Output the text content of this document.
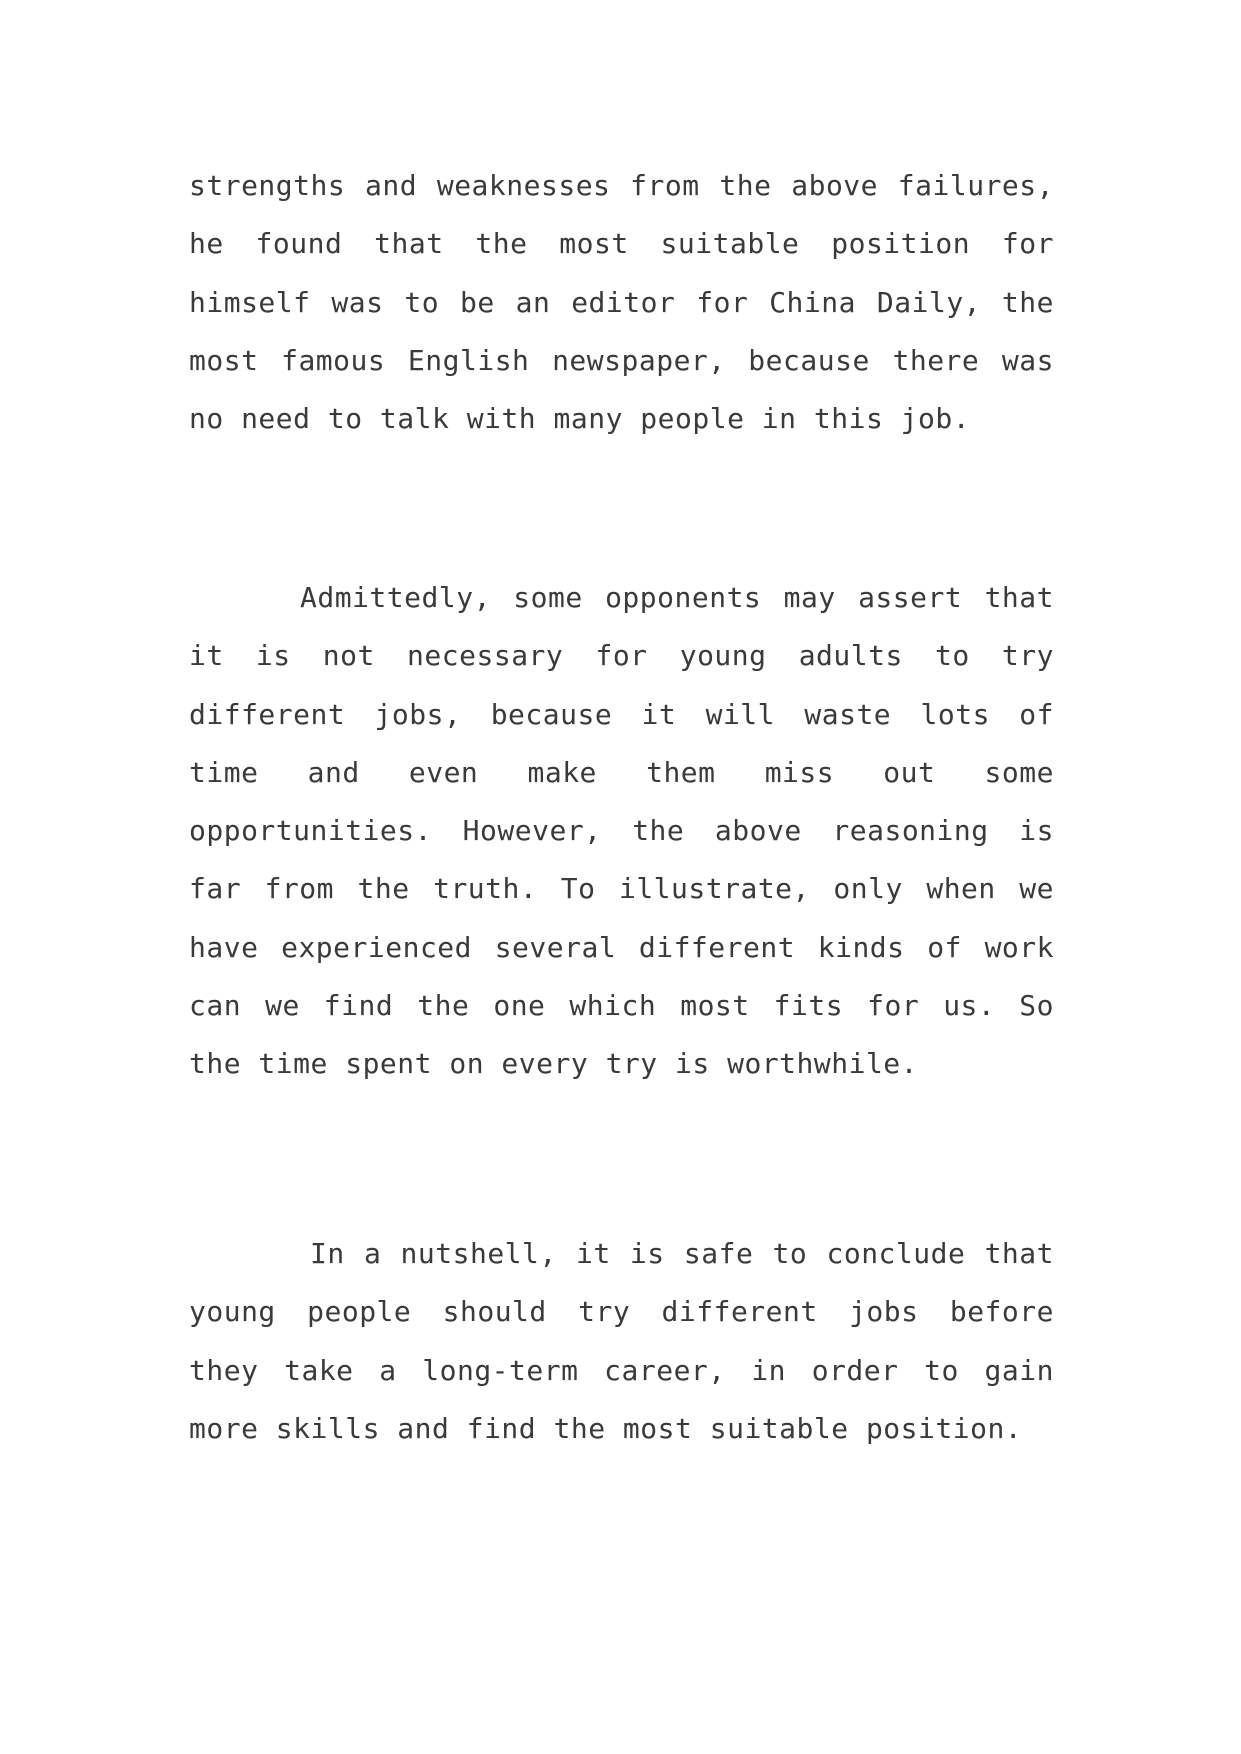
strengths and weaknesses from the above failures, he found that the most suitable position for himself was to be an editor for China Daily, the most famous English newspaper, because there was no need to talk with many people in this job.

Admittedly, some opponents may assert that it is not necessary for young adults to try different jobs, because it will waste lots of time and even make them miss out some opportunities. However, the above reasoning is far from the truth. To illustrate, only when we have experienced several different kinds of work can we find the one which most fits for us. So the time spent on every try is worthwhile.

In a nutshell, it is safe to conclude that young people should try different jobs before they take a long-term career, in order to gain more skills and find the most suitable position.
